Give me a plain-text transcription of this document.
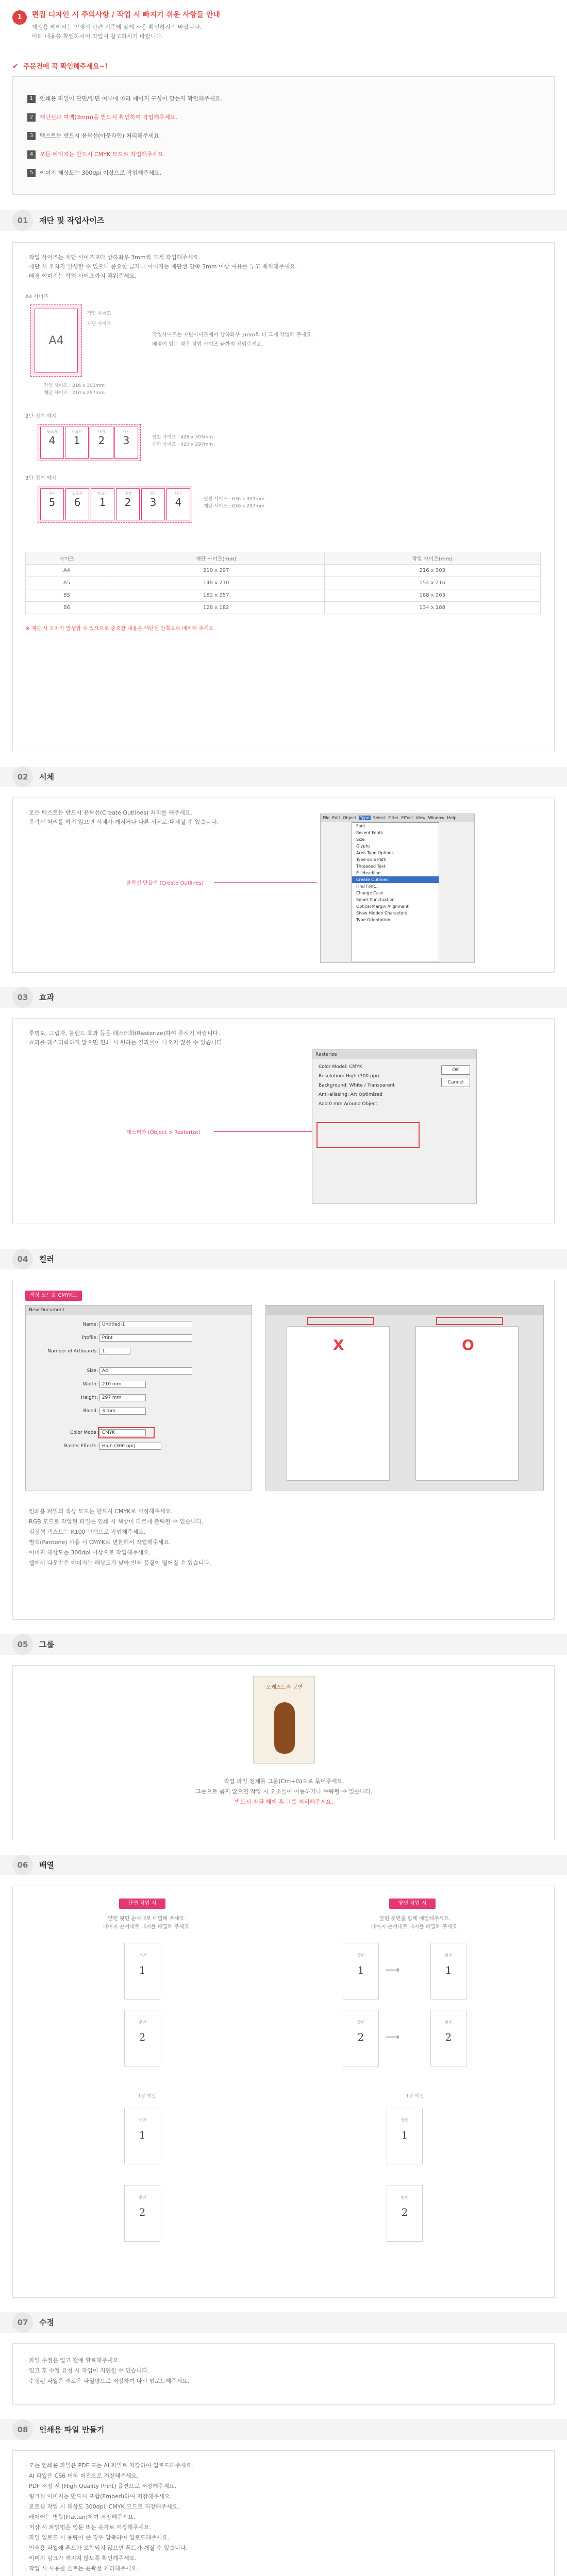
1	편집 디자인 시 주의사항 / 작업 시 빠지기 쉬운 사항들 안내
재생용 데이터는 인쇄시 관련 기준에 맞게 사용 확인하시기 바랍니다.
아래 내용을 확인하시어 작업시 참고하시기 바랍니다.
✔ 주문전에 꼭 확인해주세요~!
1 인쇄용 파일이 단면/양면 여부에 따라 페이지 구성이 맞는지 확인해주세요.
2 재단선과 여백(3mm)을 반드시 확인하여 작업해주세요.
3 텍스트는 반드시 윤곽선(아웃라인) 처리해주세요.
4 모든 이미지는 반드시 CMYK 모드로 작업해주세요.
5 이미지 해상도는 300dpi 이상으로 작업해주세요.
01	재단 및 작업사이즈
· 작업 사이즈는 재단 사이즈보다 상하좌우 3mm씩 크게 작업해주세요.
· 재단 시 오차가 발생할 수 있으니 중요한 글자나 이미지는 재단선 안쪽 3mm 이상 여유를 두고 배치해주세요.
· 배경 이미지는 작업 사이즈까지 채워주세요.
A4 사이즈
A4
작업 사이즈
재단 사이즈
작업 사이즈 : 216 x 303mm
재단 사이즈 : 210 x 297mm
작업사이즈는 재단사이즈에서 상하좌우 3mm씩 더 크게 작업해 주세요.
배경이 있는 경우 작업 사이즈 끝까지 채워주세요.
2단 접지 예시
뒷표지
4
앞표지
1
내지
2
내지
3	펼친 사이즈 : 426 x 303mm
재단 사이즈 : 420 x 297mm
3단 접지 예시
내지
5
뒷표지
6
앞표지
1
내지
2
내지
3
내지
4	펼친 사이즈 : 636 x 303mm
재단 사이즈 : 630 x 297mm
사이즈	재단 사이즈(mm)	작업 사이즈(mm)
A4	210 x 297	216 x 303
A5	148 x 210	154 x 216
B5	182 x 257	188 x 263
B6	128 x 182	134 x 188
※ 재단 시 오차가 발생할 수 있으므로 중요한 내용은 재단선 안쪽으로 배치해 주세요.
02	서체
· 모든 텍스트는 반드시 윤곽선(Create Outlines) 처리를 해주세요.
· 윤곽선 처리를 하지 않으면 서체가 깨지거나 다른 서체로 대체될 수 있습니다.
윤곽선 만들기 (Create Outlines)
File Edit Object Type Select Filter Effect View Window Help
Font
Recent Fonts
Size
Glyphs
Area Type Options
Type on a Path
Threaded Text
Fit Headline
Create Outlines
Find Font...
Change Case
Smart Punctuation
Optical Margin Alignment
Show Hidden Characters
Type Orientation
03	효과
· 투명도, 그림자, 블렌드 효과 등은 래스터화(Rasterize)하여 주시기 바랍니다.
· 효과를 래스터화하지 않으면 인쇄 시 원하는 결과물이 나오지 않을 수 있습니다.
래스터화 (Object > Rasterize)
Rasterize
Color Model: CMYK
Resolution: High (300 ppi)
Background: White / Transparent
Anti-aliasing: Art Optimized
Add 0 mm Around Object
OK
Cancel
04	컬러
색상 모드를 CMYK로
New Document
Name: Untitled-1
Profile: Print
Number of Artboards: 1
Size: A4
Width: 210 mm
Height: 297 mm
Bleed: 3 mm
Color Mode: CMYK
Raster Effects: High (300 ppi)
X	O
· 인쇄용 파일의 색상 모드는 반드시 CMYK로 설정해주세요.
· RGB 모드로 작업된 파일은 인쇄 시 색상이 다르게 출력될 수 있습니다.
· 검정색 텍스트는 K100 단색으로 작업해주세요.
· 별색(Pantone) 사용 시 CMYK로 변환해서 작업해주세요.
· 이미지 해상도는 300dpi 이상으로 작업해주세요.
· 웹에서 다운받은 이미지는 해상도가 낮아 인쇄 품질이 떨어질 수 있습니다.
05	그룹
오케스트라 공연
작업 파일 전체를 그룹(Ctrl+G)으로 묶어주세요.
그룹으로 묶지 않으면 작업 시 요소들이 이동하거나 누락될 수 있습니다.
반드시 잠금 해제 후 그룹 처리해주세요.
06	배열
단면 작업 시	양면 작업 시
앞면 뒷면 순서대로 배열해 주세요.
페이지 순서대로 대지를 배열해 주세요.
앞면 뒷면을 함께 배열해주세요.
페이지 순서대로 대지를 배열해 주세요.
앞면
1
뒷면
2
앞면
1
뒷면
1
⟶
앞면
2
뒷면
2
⟶
1장 배열	1장 배열
앞면
1
뒷면
2
앞면
1
뒷면
2
07	수정
· 파일 수정은 입고 전에 완료해주세요.
· 입고 후 수정 요청 시 작업이 지연될 수 있습니다.
· 수정된 파일은 새로운 파일명으로 저장하여 다시 업로드해주세요.
08	인쇄용 파일 만들기
· 모든 인쇄용 파일은 PDF 또는 AI 파일로 저장하여 업로드해주세요.
· AI 파일은 CS6 이하 버전으로 저장해주세요.
· PDF 저장 시 [High Quality Print] 옵션으로 저장해주세요.
· 링크된 이미지는 반드시 포함(Embed)하여 저장해주세요.
· 포토샵 작업 시 해상도 300dpi, CMYK 모드로 저장해주세요.
· 레이어는 병합(Flatten)하여 저장해주세요.
· 저장 시 파일명은 영문 또는 숫자로 저장해주세요.
· 파일 업로드 시 용량이 큰 경우 압축하여 업로드해주세요.
· 인쇄용 파일에 폰트가 포함되지 않으면 폰트가 깨질 수 있습니다.
· 이미지 링크가 깨지지 않도록 확인해주세요.
· 작업 시 사용한 폰트는 윤곽선 처리해주세요.
·
